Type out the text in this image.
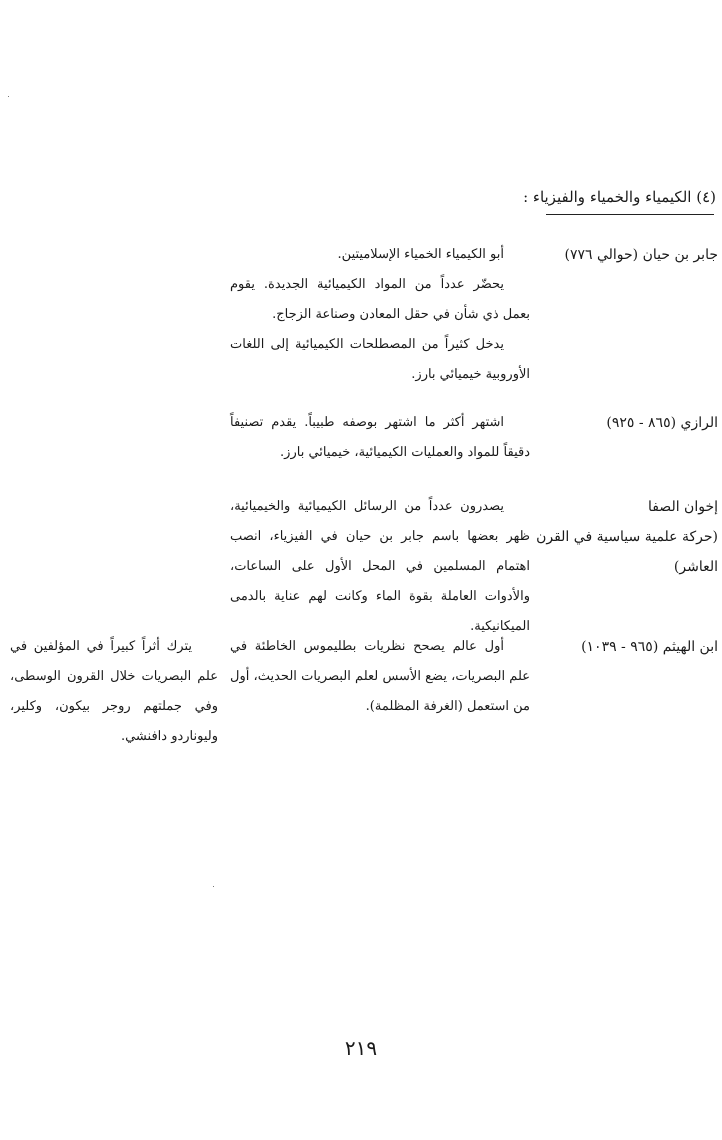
(٤) الكيمياء والخمياء والفيزياء :
جابر بن حيان (حوالي ٧٧٦)

أبو الكيمياء الخمياء الإسلاميتين.

يحضّر عدداً من المواد الكيميائية الجديدة. يقوم بعمل ذي شأن في حقل المعادن وصناعة الزجاج.

يدخل كثيراً من المصطلحات الكيميائية إلى اللغات الأوروبية خيميائي بارز.

الرازي (٨٦٥ - ٩٢٥)

اشتهر أكثر ما اشتهر بوصفه طبيباً. يقدم تصنيفاً دقيقاً للمواد والعمليات الكيميائية، خيميائي بارز.

إخوان الصفا
(حركة علمية سياسية في القرن
العاشر)

يصدرون عدداً من الرسائل الكيميائية والخيميائية، ظهر بعضها باسم جابر بن حيان في الفيزياء، انصب اهتمام المسلمين في المحل الأول على الساعات، والأدوات العاملة بقوة الماء وكانت لهم عناية بالدمى الميكانيكية.

ابن الهيثم (٩٦٥ - ١٠٣٩)

أول عالم يصحح نظريات بطليموس الخاطئة في علم البصريات، يضع الأسس لعلم البصريات الحديث، أول من استعمل (الغرفة المظلمة).

يترك أثراً كبيراً في المؤلفين في علم البصريات خلال القرون الوسطى، وفي جملتهم روجر بيكون، وكلير، وليوناردو دافنشي.

٢١٩
